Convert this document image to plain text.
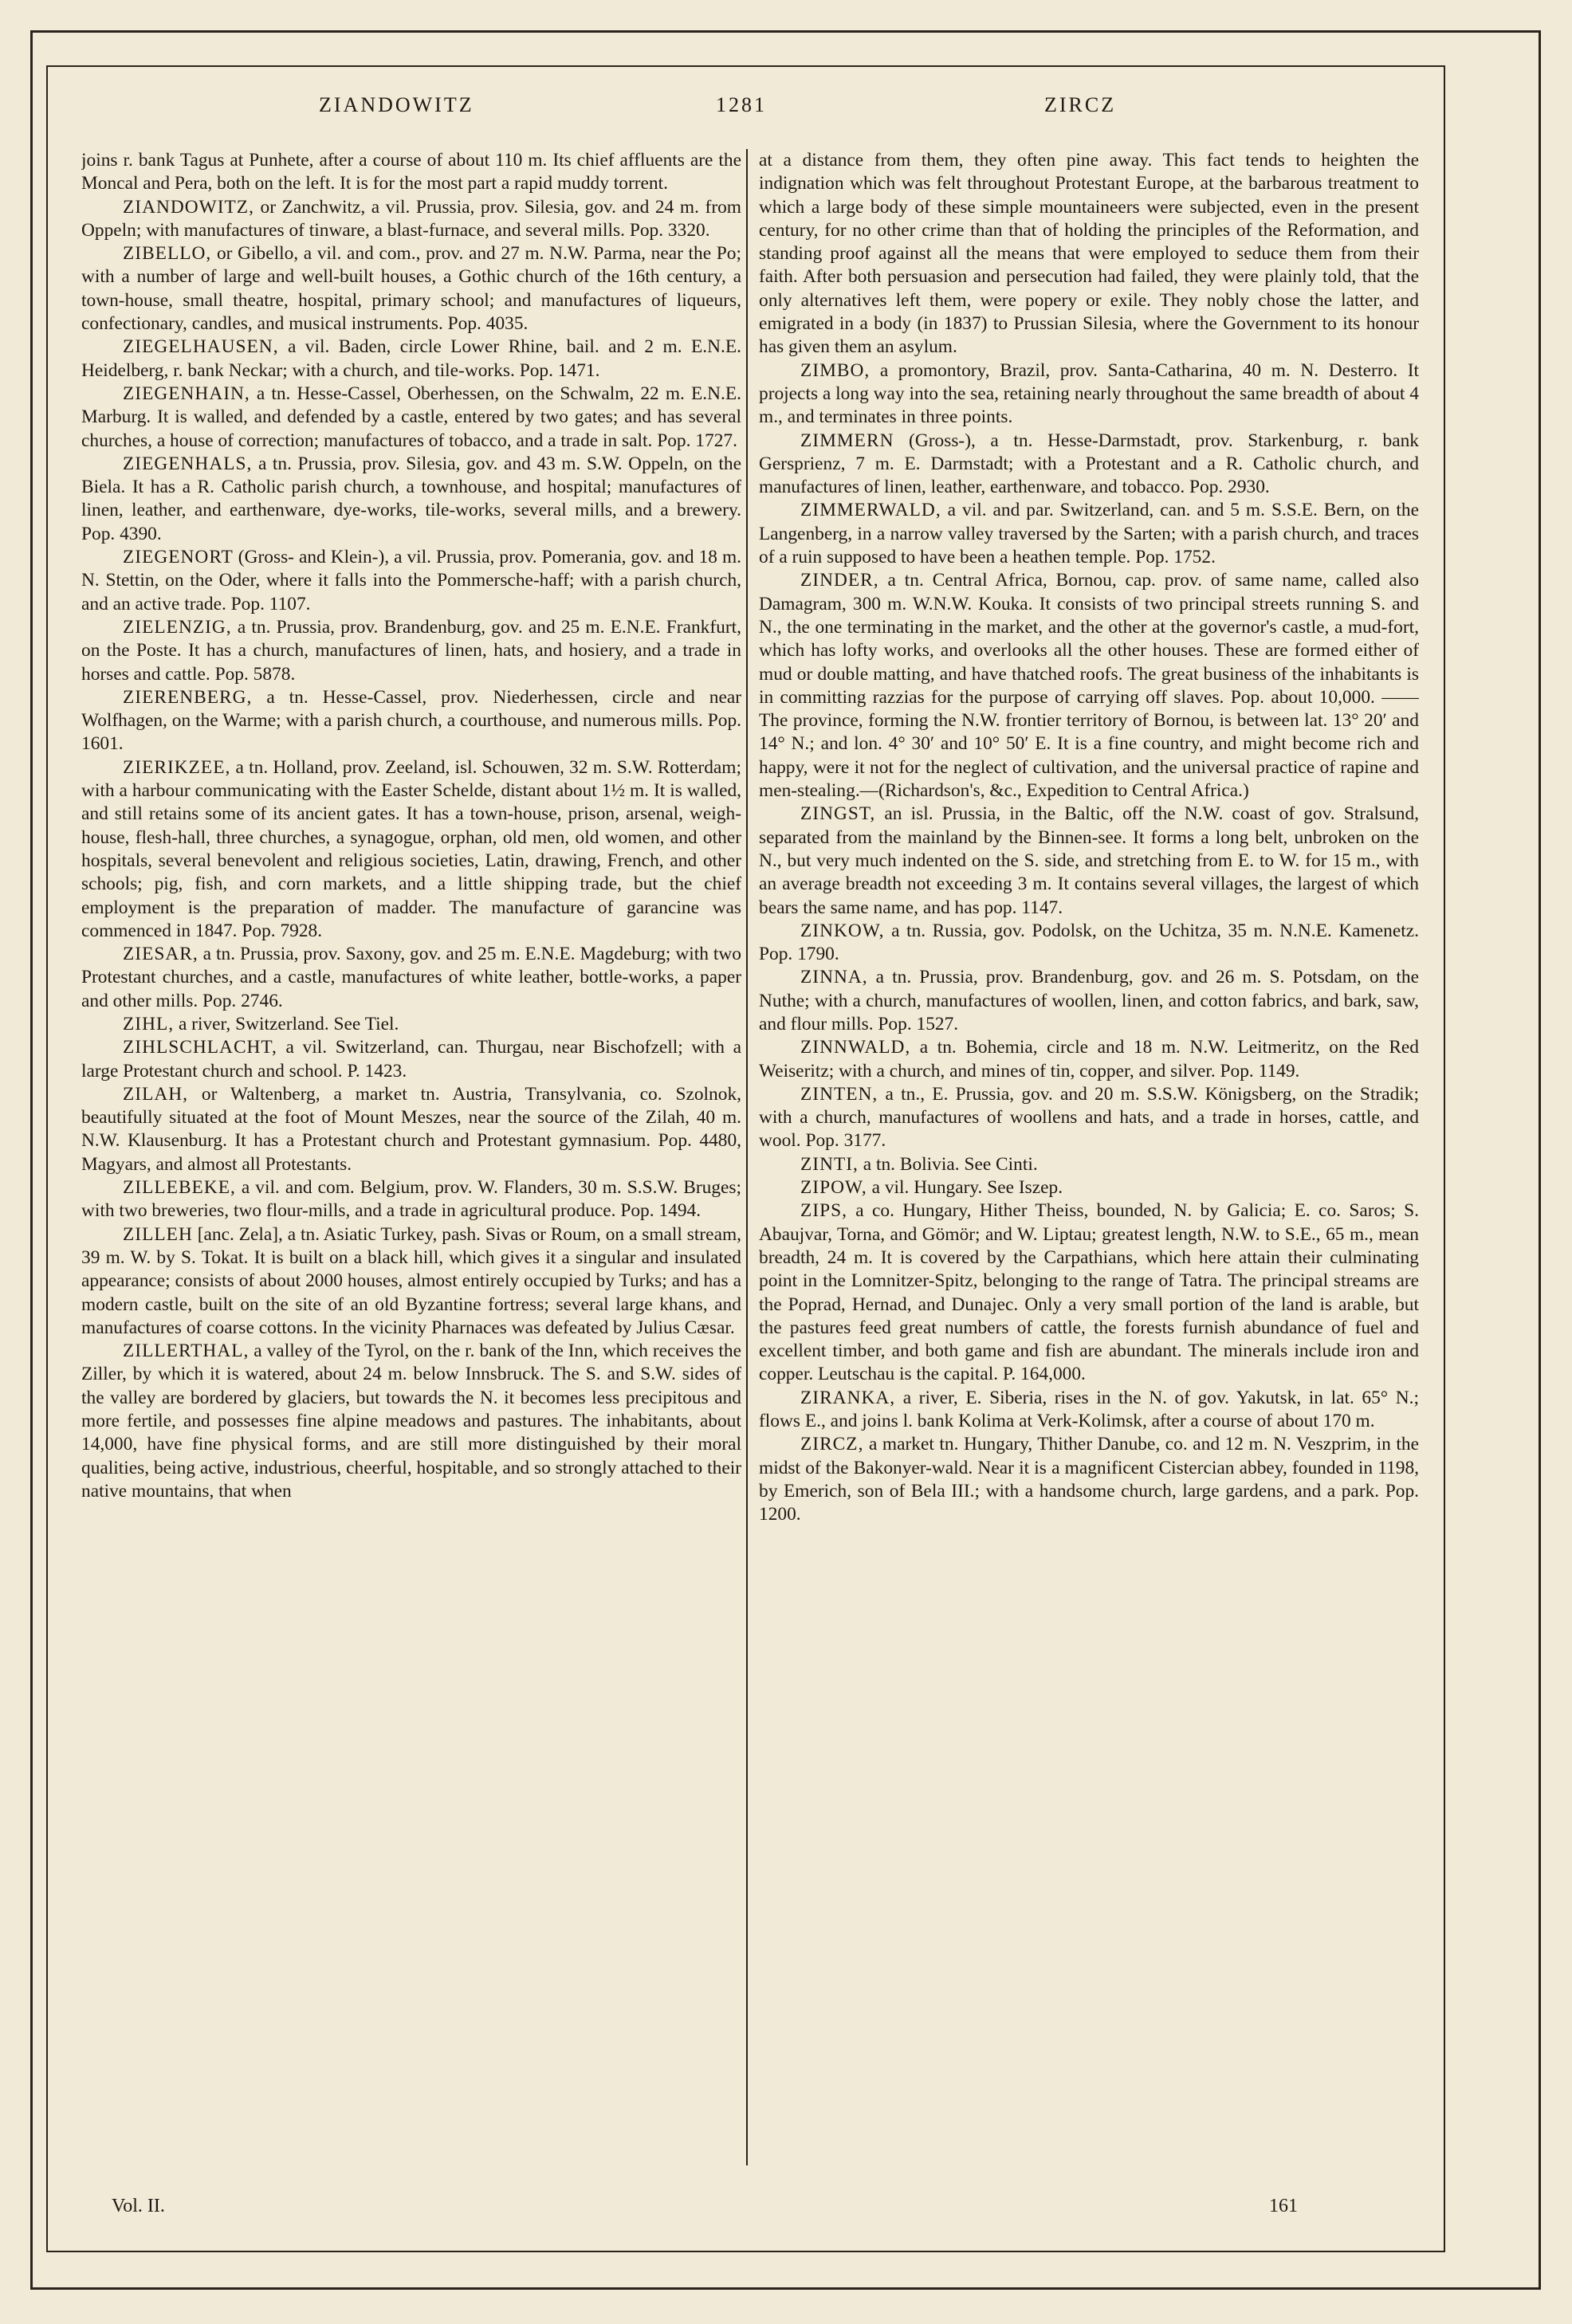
ZIANDOWITZ	1281	ZIRCZ

joins r. bank Tagus at Punhete, after a course of about 110 m. Its chief affluents are the Moncal and Pera, both on the left. It is for the most part a rapid muddy torrent.

ZIANDOWITZ, or Zanchwitz, a vil. Prussia, prov. Silesia, gov. and 24 m. from Oppeln; with manufactures of tinware, a blast-furnace, and several mills. Pop. 3320.

ZIBELLO, or Gibello, a vil. and com., prov. and 27 m. N.W. Parma, near the Po; with a number of large and well-built houses, a Gothic church of the 16th century, a town-house, small theatre, hospital, primary school; and manufactures of liqueurs, confectionary, candles, and musical instruments. Pop. 4035.

ZIEGELHAUSEN, a vil. Baden, circle Lower Rhine, bail. and 2 m. E.N.E. Heidelberg, r. bank Neckar; with a church, and tile-works. Pop. 1471.

ZIEGENHAIN, a tn. Hesse-Cassel, Oberhessen, on the Schwalm, 22 m. E.N.E. Marburg. It is walled, and defended by a castle, entered by two gates; and has several churches, a house of correction; manufactures of tobacco, and a trade in salt. Pop. 1727.

ZIEGENHALS, a tn. Prussia, prov. Silesia, gov. and 43 m. S.W. Oppeln, on the Biela. It has a R. Catholic parish church, a townhouse, and hospital; manufactures of linen, leather, and earthenware, dye-works, tile-works, several mills, and a brewery. Pop. 4390.

ZIEGENORT (Gross- and Klein-), a vil. Prussia, prov. Pomerania, gov. and 18 m. N. Stettin, on the Oder, where it falls into the Pommersche-haff; with a parish church, and an active trade. Pop. 1107.

ZIELENZIG, a tn. Prussia, prov. Brandenburg, gov. and 25 m. E.N.E. Frankfurt, on the Poste. It has a church, manufactures of linen, hats, and hosiery, and a trade in horses and cattle. Pop. 5878.

ZIERENBERG, a tn. Hesse-Cassel, prov. Niederhessen, circle and near Wolfhagen, on the Warme; with a parish church, a courthouse, and numerous mills. Pop. 1601.

ZIERIKZEE, a tn. Holland, prov. Zeeland, isl. Schouwen, 32 m. S.W. Rotterdam; with a harbour communicating with the Easter Schelde, distant about 1½ m. It is walled, and still retains some of its ancient gates. It has a town-house, prison, arsenal, weigh-house, flesh-hall, three churches, a synagogue, orphan, old men, old women, and other hospitals, several benevolent and religious societies, Latin, drawing, French, and other schools; pig, fish, and corn markets, and a little shipping trade, but the chief employment is the preparation of madder. The manufacture of garancine was commenced in 1847. Pop. 7928.

ZIESAR, a tn. Prussia, prov. Saxony, gov. and 25 m. E.N.E. Magdeburg; with two Protestant churches, and a castle, manufactures of white leather, bottle-works, a paper and other mills. Pop. 2746.

ZIHL, a river, Switzerland. See Tiel.

ZIHLSCHLACHT, a vil. Switzerland, can. Thurgau, near Bischofzell; with a large Protestant church and school. P. 1423.

ZILAH, or Waltenberg, a market tn. Austria, Transylvania, co. Szolnok, beautifully situated at the foot of Mount Meszes, near the source of the Zilah, 40 m. N.W. Klausenburg. It has a Protestant church and Protestant gymnasium. Pop. 4480, Magyars, and almost all Protestants.

ZILLEBEKE, a vil. and com. Belgium, prov. W. Flanders, 30 m. S.S.W. Bruges; with two breweries, two flour-mills, and a trade in agricultural produce. Pop. 1494.

ZILLEH [anc. Zela], a tn. Asiatic Turkey, pash. Sivas or Roum, on a small stream, 39 m. W. by S. Tokat. It is built on a black hill, which gives it a singular and insulated appearance; consists of about 2000 houses, almost entirely occupied by Turks; and has a modern castle, built on the site of an old Byzantine fortress; several large khans, and manufactures of coarse cottons. In the vicinity Pharnaces was defeated by Julius Cæsar.

ZILLERTHAL, a valley of the Tyrol, on the r. bank of the Inn, which receives the Ziller, by which it is watered, about 24 m. below Innsbruck. The S. and S.W. sides of the valley are bordered by glaciers, but towards the N. it becomes less precipitous and more fertile, and possesses fine alpine meadows and pastures. The inhabitants, about 14,000, have fine physical forms, and are still more distinguished by their moral qualities, being active, industrious, cheerful, hospitable, and so strongly attached to their native mountains, that when

at a distance from them, they often pine away. This fact tends to heighten the indignation which was felt throughout Protestant Europe, at the barbarous treatment to which a large body of these simple mountaineers were subjected, even in the present century, for no other crime than that of holding the principles of the Reformation, and standing proof against all the means that were employed to seduce them from their faith. After both persuasion and persecution had failed, they were plainly told, that the only alternatives left them, were popery or exile. They nobly chose the latter, and emigrated in a body (in 1837) to Prussian Silesia, where the Government to its honour has given them an asylum.

ZIMBO, a promontory, Brazil, prov. Santa-Catharina, 40 m. N. Desterro. It projects a long way into the sea, retaining nearly throughout the same breadth of about 4 m., and terminates in three points.

ZIMMERN (Gross-), a tn. Hesse-Darmstadt, prov. Starkenburg, r. bank Gersprienz, 7 m. E. Darmstadt; with a Protestant and a R. Catholic church, and manufactures of linen, leather, earthenware, and tobacco. Pop. 2930.

ZIMMERWALD, a vil. and par. Switzerland, can. and 5 m. S.S.E. Bern, on the Langenberg, in a narrow valley traversed by the Sarten; with a parish church, and traces of a ruin supposed to have been a heathen temple. Pop. 1752.

ZINDER, a tn. Central Africa, Bornou, cap. prov. of same name, called also Damagram, 300 m. W.N.W. Kouka. It consists of two principal streets running S. and N., the one terminating in the market, and the other at the governor's castle, a mud-fort, which has lofty works, and overlooks all the other houses. These are formed either of mud or double matting, and have thatched roofs. The great business of the inhabitants is in committing razzias for the purpose of carrying off slaves. Pop. about 10,000. ——The province, forming the N.W. frontier territory of Bornou, is between lat. 13° 20′ and 14° N.; and lon. 4° 30′ and 10° 50′ E. It is a fine country, and might become rich and happy, were it not for the neglect of cultivation, and the universal practice of rapine and men-stealing.—(Richardson's, &c., Expedition to Central Africa.)

ZINGST, an isl. Prussia, in the Baltic, off the N.W. coast of gov. Stralsund, separated from the mainland by the Binnen-see. It forms a long belt, unbroken on the N., but very much indented on the S. side, and stretching from E. to W. for 15 m., with an average breadth not exceeding 3 m. It contains several villages, the largest of which bears the same name, and has pop. 1147.

ZINKOW, a tn. Russia, gov. Podolsk, on the Uchitza, 35 m. N.N.E. Kamenetz. Pop. 1790.

ZINNA, a tn. Prussia, prov. Brandenburg, gov. and 26 m. S. Potsdam, on the Nuthe; with a church, manufactures of woollen, linen, and cotton fabrics, and bark, saw, and flour mills. Pop. 1527.

ZINNWALD, a tn. Bohemia, circle and 18 m. N.W. Leitmeritz, on the Red Weiseritz; with a church, and mines of tin, copper, and silver. Pop. 1149.

ZINTEN, a tn., E. Prussia, gov. and 20 m. S.S.W. Königsberg, on the Stradik; with a church, manufactures of woollens and hats, and a trade in horses, cattle, and wool. Pop. 3177.

ZINTI, a tn. Bolivia. See Cinti.

ZIPOW, a vil. Hungary. See Iszep.

ZIPS, a co. Hungary, Hither Theiss, bounded, N. by Galicia; E. co. Saros; S. Abaujvar, Torna, and Gömör; and W. Liptau; greatest length, N.W. to S.E., 65 m., mean breadth, 24 m. It is covered by the Carpathians, which here attain their culminating point in the Lomnitzer-Spitz, belonging to the range of Tatra. The principal streams are the Poprad, Hernad, and Dunajec. Only a very small portion of the land is arable, but the pastures feed great numbers of cattle, the forests furnish abundance of fuel and excellent timber, and both game and fish are abundant. The minerals include iron and copper. Leutschau is the capital. P. 164,000.

ZIRANKA, a river, E. Siberia, rises in the N. of gov. Yakutsk, in lat. 65° N.; flows E., and joins l. bank Kolima at Verk-Kolimsk, after a course of about 170 m.

ZIRCZ, a market tn. Hungary, Thither Danube, co. and 12 m. N. Veszprim, in the midst of the Bakonyer-wald. Near it is a magnificent Cistercian abbey, founded in 1198, by Emerich, son of Bela III.; with a handsome church, large gardens, and a park. Pop. 1200.

Vol. II.	161
